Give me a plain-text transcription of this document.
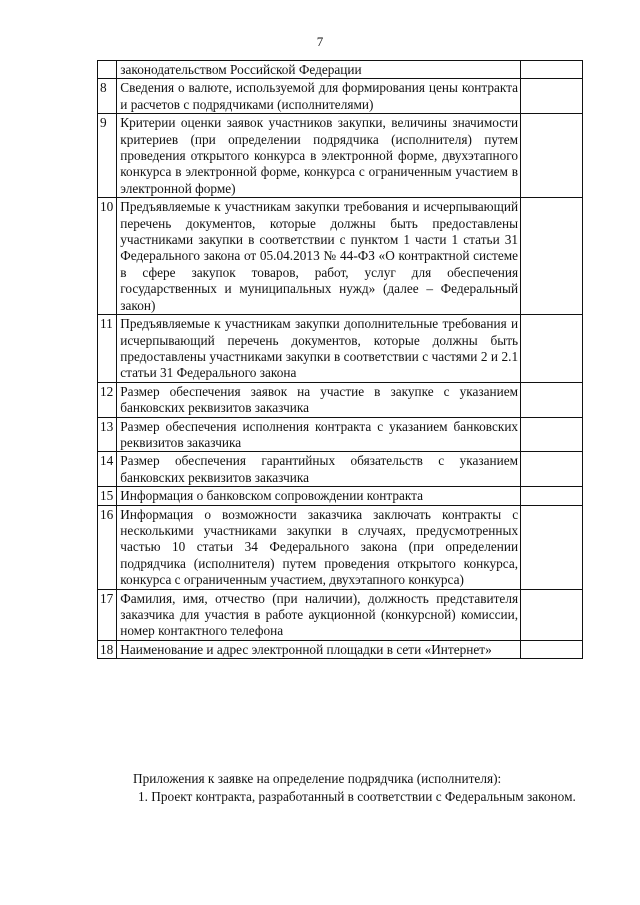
7
	законодательством Российской Федерации	
8	Сведения о валюте, используемой для формирования цены контракта и расчетов с подрядчиками (исполнителями)	
9	Критерии оценки заявок участников закупки, величины значимости критериев (при определении подрядчика (исполнителя) путем проведения открытого конкурса в электронной форме, двухэтапного конкурса в электронной форме, конкурса с ограниченным участием в электронной форме)	
10	Предъявляемые к участникам закупки требования и исчерпывающий перечень документов, которые должны быть предоставлены участниками закупки в соответствии с пунктом 1 части 1 статьи 31 Федерального закона от 05.04.2013 № 44-ФЗ «О контрактной системе в сфере закупок товаров, работ, услуг для обеспечения государственных и муниципальных нужд» (далее – Федеральный закон)	
11	Предъявляемые к участникам закупки дополнительные требования и исчерпывающий перечень документов, которые должны быть предоставлены участниками закупки в соответствии с частями 2 и 2.1 статьи 31 Федерального закона	
12	Размер обеспечения заявок на участие в закупке с указанием банковских реквизитов заказчика	
13	Размер обеспечения исполнения контракта с указанием банковских реквизитов заказчика	
14	Размер обеспечения гарантийных обязательств с указанием банковских реквизитов заказчика	
15	Информация о банковском сопровождении контракта	
16	Информация о возможности заказчика заключать контракты с несколькими участниками закупки в случаях, предусмотренных частью 10 статьи 34 Федерального закона (при определении подрядчика (исполнителя) путем проведения открытого конкурса, конкурса с ограниченным участием, двухэтапного конкурса)	
17	Фамилия, имя, отчество (при наличии), должность представителя заказчика для участия в работе аукционной (конкурсной) комиссии, номер контактного телефона	
18	Наименование и адрес электронной площадки в сети «Интернет»	
Приложения к заявке на определение подрядчика (исполнителя):
1. Проект контракта, разработанный в соответствии с Федеральным законом.
